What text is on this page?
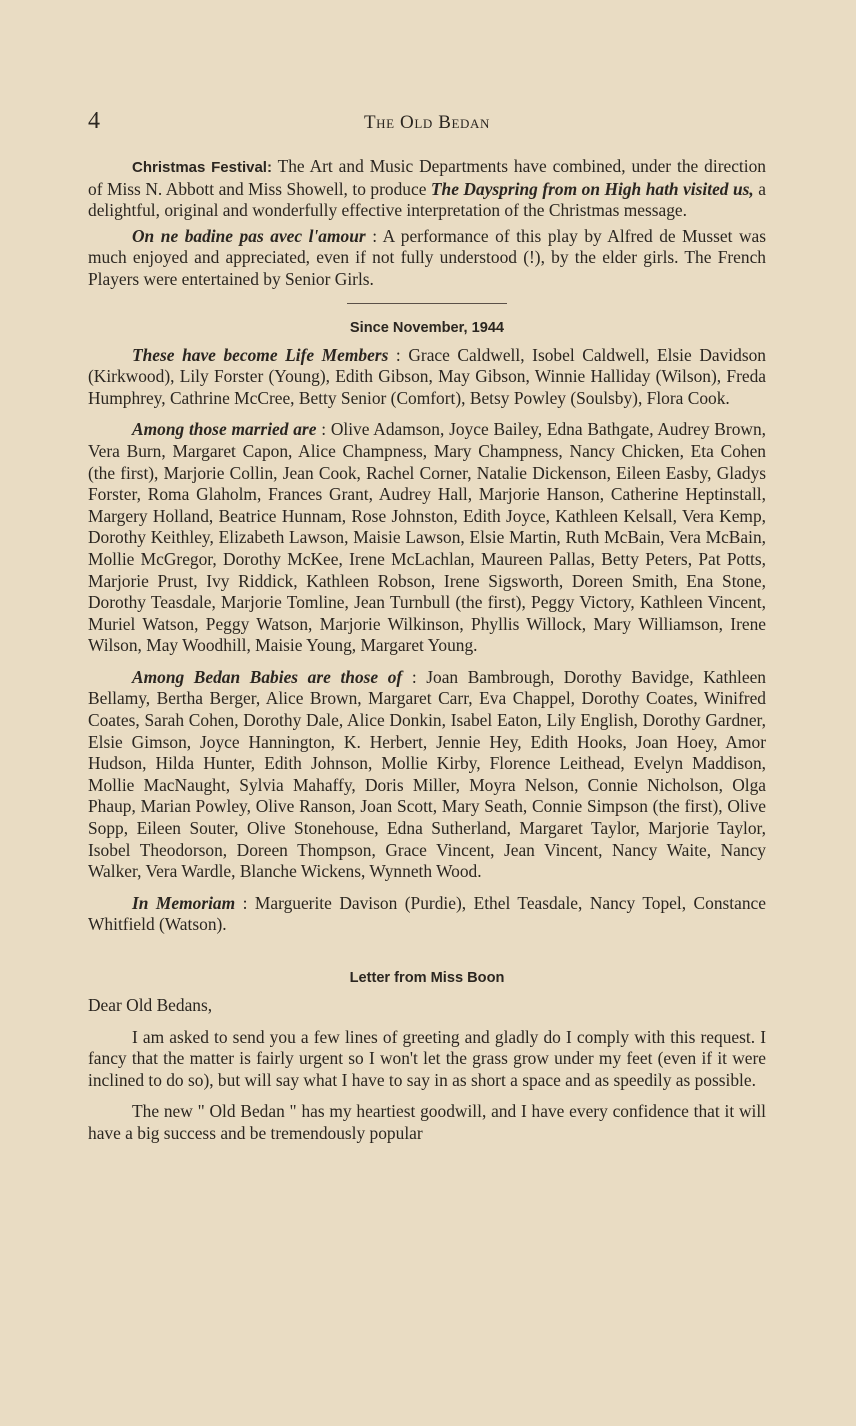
4	The Old Bedan

Christmas Festival: The Art and Music Departments have combined, under the direction of Miss N. Abbott and Miss Showell, to produce The Dayspring from on High hath visited us, a delightful, original and wonderfully effective interpretation of the Christmas message.

On ne badine pas avec l'amour : A performance of this play by Alfred de Musset was much enjoyed and appreciated, even if not fully understood (!), by the elder girls. The French Players were entertained by Senior Girls.

Since November, 1944

These have become Life Members : Grace Caldwell, Isobel Caldwell, Elsie Davidson (Kirkwood), Lily Forster (Young), Edith Gibson, May Gibson, Winnie Halliday (Wilson), Freda Humphrey, Cathrine McCree, Betty Senior (Comfort), Betsy Powley (Soulsby), Flora Cook.

Among those married are : Olive Adamson, Joyce Bailey, Edna Bathgate, Audrey Brown, Vera Burn, Margaret Capon, Alice Champness, Mary Champness, Nancy Chicken, Eta Cohen (the first), Marjorie Collin, Jean Cook, Rachel Corner, Natalie Dickenson, Eileen Easby, Gladys Forster, Roma Glaholm, Frances Grant, Audrey Hall, Marjorie Hanson, Catherine Heptinstall, Margery Holland, Beatrice Hunnam, Rose Johnston, Edith Joyce, Kathleen Kelsall, Vera Kemp, Dorothy Keithley, Elizabeth Lawson, Maisie Lawson, Elsie Martin, Ruth McBain, Vera McBain, Mollie McGregor, Dorothy McKee, Irene McLachlan, Maureen Pallas, Betty Peters, Pat Potts, Marjorie Prust, Ivy Riddick, Kathleen Robson, Irene Sigsworth, Doreen Smith, Ena Stone, Dorothy Teasdale, Marjorie Tomline, Jean Turnbull (the first), Peggy Victory, Kathleen Vincent, Muriel Watson, Peggy Watson, Marjorie Wilkinson, Phyllis Willock, Mary Williamson, Irene Wilson, May Woodhill, Maisie Young, Margaret Young.

Among Bedan Babies are those of : Joan Bambrough, Dorothy Bavidge, Kathleen Bellamy, Bertha Berger, Alice Brown, Margaret Carr, Eva Chappel, Dorothy Coates, Winifred Coates, Sarah Cohen, Dorothy Dale, Alice Donkin, Isabel Eaton, Lily English, Dorothy Gardner, Elsie Gimson, Joyce Hannington, K. Herbert, Jennie Hey, Edith Hooks, Joan Hoey, Amor Hudson, Hilda Hunter, Edith Johnson, Mollie Kirby, Florence Leithead, Evelyn Maddison, Mollie MacNaught, Sylvia Mahaffy, Doris Miller, Moyra Nelson, Connie Nicholson, Olga Phaup, Marian Powley, Olive Ranson, Joan Scott, Mary Seath, Connie Simpson (the first), Olive Sopp, Eileen Souter, Olive Stonehouse, Edna Sutherland, Margaret Taylor, Marjorie Taylor, Isobel Theodorson, Doreen Thompson, Grace Vincent, Jean Vincent, Nancy Waite, Nancy Walker, Vera Wardle, Blanche Wickens, Wynneth Wood.

In Memoriam : Marguerite Davison (Purdie), Ethel Teasdale, Nancy Topel, Constance Whitfield (Watson).

Letter from Miss Boon

Dear Old Bedans,

I am asked to send you a few lines of greeting and gladly do I comply with this request. I fancy that the matter is fairly urgent so I won't let the grass grow under my feet (even if it were inclined to do so), but will say what I have to say in as short a space and as speedily as possible.

The new " Old Bedan " has my heartiest goodwill, and I have every confidence that it will have a big success and be tremendously popular
